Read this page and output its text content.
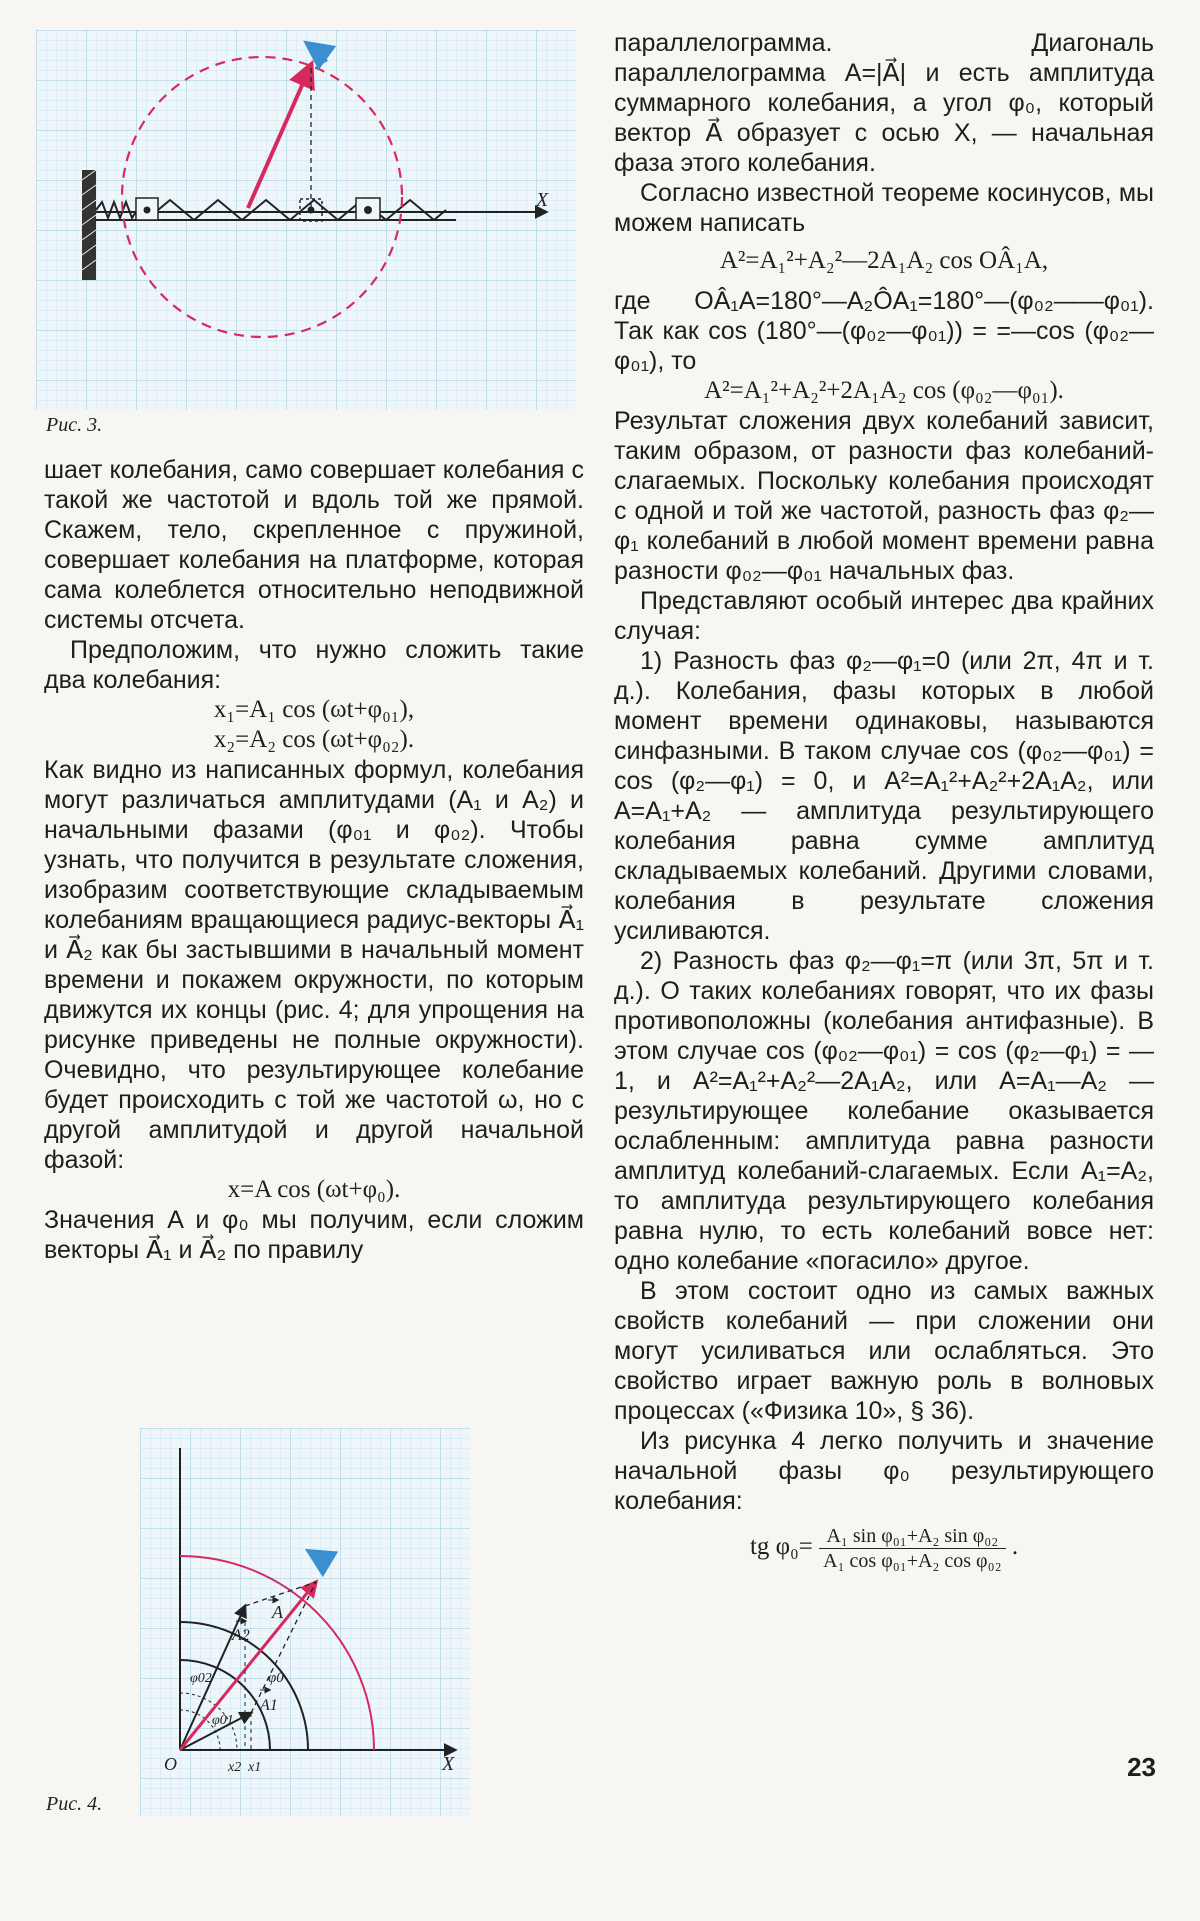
X
Рис. 3.

шает колебания, само совершает колебания с такой же частотой и вдоль той же прямой. Скажем, тело, скрепленное с пружиной, совершает колебания на платформе, которая сама колеблется относительно неподвижной системы отсчета.

Предположим, что нужно сложить такие два колебания:

x₁=A₁ cos (ωt+φ₀₁),
x₂=A₂ cos (ωt+φ₀₂).

Как видно из написанных формул, колебания могут различаться амплитудами (A₁ и A₂) и начальными фазами (φ₀₁ и φ₀₂). Чтобы узнать, что получится в результате сложения, изобразим соответствующие складываемым колебаниям вращающиеся радиус-векторы A⃗₁ и A⃗₂ как бы застывшими в начальный момент времени и покажем окружности, по которым движутся их концы (рис. 4; для упрощения на рисунке приведены не полные окружности). Очевидно, что результирующее колебание будет происходить с той же частотой ω, но с другой амплитудой и другой начальной фазой:

x=A cos (ωt+φ₀).

Значения A и φ₀ мы получим, если сложим векторы A⃗₁ и A⃗₂ по правилу

A
A2
A1
φ02
φ01
φ0
O	x2 x1	X
Рис. 4.

параллелограмма. Диагональ параллелограмма A=|A⃗| и есть амплитуда суммарного колебания, а угол φ₀, который вектор A⃗ образует с осью X, — начальная фаза этого колебания.

Согласно известной теореме косинусов, мы можем написать

A²=A₁²+A₂²—2A₁A₂ cos OÂ₁A,

где OÂ₁A=180°—A₂ÔA₁=180°—(φ₀₂——φ₀₁). Так как cos (180°—(φ₀₂—φ₀₁)) = =—cos (φ₀₂—φ₀₁), то

A²=A₁²+A₂²+2A₁A₂ cos (φ₀₂—φ₀₁).

Результат сложения двух колебаний зависит, таким образом, от разности фаз колебаний-слагаемых. Поскольку колебания происходят с одной и той же частотой, разность фаз φ₂—φ₁ колебаний в любой момент времени равна разности φ₀₂—φ₀₁ начальных фаз.

Представляют особый интерес два крайних случая:

1) Разность фаз φ₂—φ₁=0 (или 2π, 4π и т. д.). Колебания, фазы которых в любой момент времени одинаковы, называются синфазными. В таком случае cos (φ₀₂—φ₀₁) = cos (φ₂—φ₁) = 0, и A²=A₁²+A₂²+2A₁A₂, или A=A₁+A₂ — амплитуда результирующего колебания равна сумме амплитуд складываемых колебаний. Другими словами, колебания в результате сложения усиливаются.

2) Разность фаз φ₂—φ₁=π (или 3π, 5π и т. д.). О таких колебаниях говорят, что их фазы противоположны (колебания антифазные). В этом случае cos (φ₀₂—φ₀₁) = cos (φ₂—φ₁) = —1, и A²=A₁²+A₂²—2A₁A₂, или A=A₁—A₂ — результирующее колебание оказывается ослабленным: амплитуда равна разности амплитуд колебаний-слагаемых. Если A₁=A₂, то амплитуда результирующего колебания равна нулю, то есть колебаний вовсе нет: одно колебание «погасило» другое.

В этом состоит одно из самых важных свойств колебаний — при сложении они могут усиливаться или ослабляться. Это свойство играет важную роль в волновых процессах («Физика 10», § 36).

Из рисунка 4 легко получить и значение начальной фазы φ₀ результирующего колебания:

tg $\varphi_0= \frac{\text{A₁ sin φ₀₁+A₂ sin φ₀₂}}{\text{A₁ cos φ₀₁+A₂ cos φ₀₂}}$ .
23
